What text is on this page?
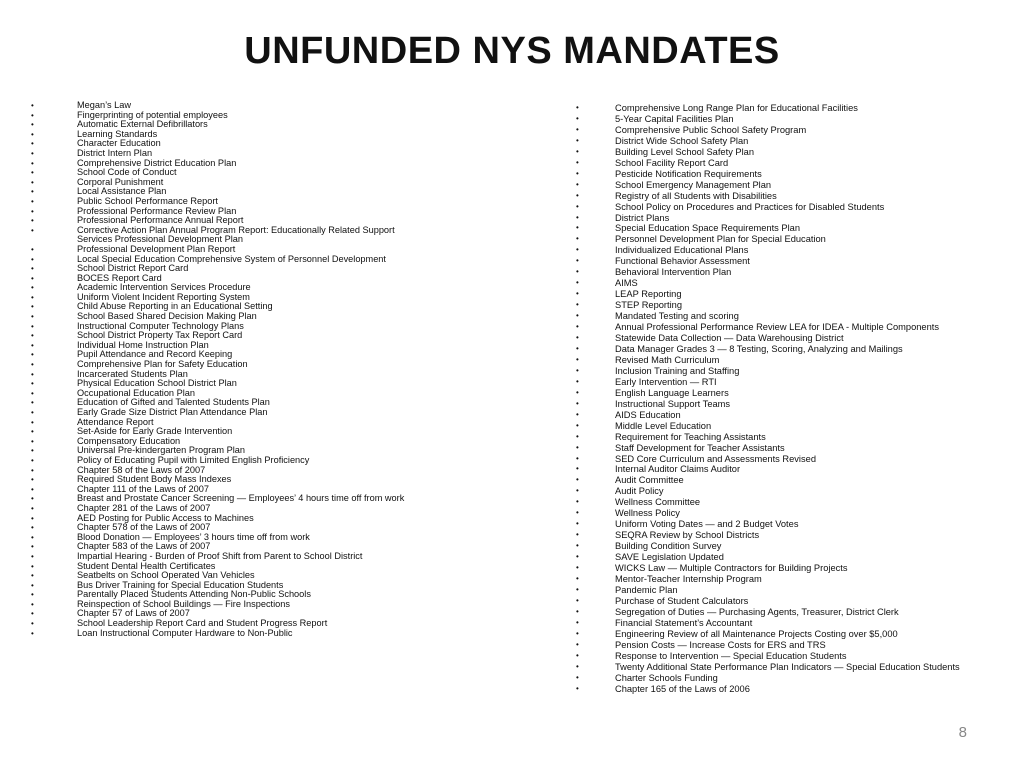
UNFUNDED NYS MANDATES
•	Megan’s Law
•	Fingerprinting of potential employees
•	Automatic External Defibrillators
•	Learning Standards
•	Character Education
•	District Intern Plan
•	Comprehensive District Education Plan
•	School Code of Conduct
•	Corporal Punishment
•	Local Assistance Plan
•	Public School Performance Report
•	Professional Performance Review Plan
•	Professional Performance Annual Report
•	Corrective Action Plan Annual Program Report: Educationally Related Support
Services Professional Development Plan
•	Professional Development Plan Report
•	Local Special Education Comprehensive System of Personnel Development
•	School District Report Card
•	BOCES Report Card
•	Academic Intervention Services Procedure
•	Uniform Violent Incident Reporting System
•	Child Abuse Reporting in an Educational Setting
•	School Based Shared Decision Making Plan
•	Instructional Computer Technology Plans
•	School District Property Tax Report Card
•	Individual Home Instruction Plan
•	Pupil Attendance and Record Keeping
•	Comprehensive Plan for Safety Education
•	Incarcerated Students Plan
•	Physical Education School District Plan
•	Occupational Education Plan
•	Education of Gifted and Talented Students Plan
•	Early Grade Size District Plan Attendance Plan
•	Attendance Report
•	Set-Aside for Early Grade Intervention
•	Compensatory Education
•	Universal Pre-kindergarten Program Plan
•	Policy of Educating Pupil with Limited English Proficiency
•	Chapter 58 of the Laws of 2007
•	Required Student Body Mass Indexes
•	Chapter 111 of the Laws of 2007
•	Breast and Prostate Cancer Screening — Employees’ 4 hours time off from work
•	Chapter 281 of the Laws of 2007
•	AED Posting for Public Access to Machines
•	Chapter 578 of the Laws of 2007
•	Blood Donation — Employees’ 3 hours time off from work
•	Chapter 583 of the Laws of 2007
•	Impartial Hearing - Burden of Proof Shift from Parent to School District
•	Student Dental Health Certificates
•	Seatbelts on School Operated Van Vehicles
•	Bus Driver Training for Special Education Students
•	Parentally Placed Students Attending Non-Public Schools
•	Reinspection of School Buildings — Fire Inspections
•	Chapter 57 of Laws of 2007
•	School Leadership Report Card and Student Progress Report
•	Loan Instructional Computer Hardware to Non-Public
•	Comprehensive Long Range Plan for Educational Facilities
•	5-Year Capital Facilities Plan
•	Comprehensive Public School Safety Program
•	District Wide School Safety Plan
•	Building Level School Safety Plan
•	School Facility Report Card
•	Pesticide Notification Requirements
•	School Emergency Management Plan
•	Registry of all Students with Disabilities
•	School Policy on Procedures and Practices for Disabled Students
•	District Plans
•	Special Education Space Requirements Plan
•	Personnel Development Plan for Special Education
•	Individualized Educational Plans
•	Functional Behavior Assessment
•	Behavioral Intervention Plan
•	AIMS
•	LEAP Reporting
•	STEP Reporting
•	Mandated Testing and scoring
•	Annual Professional Performance Review LEA for IDEA - Multiple Components
•	Statewide Data Collection — Data Warehousing District
•	Data Manager Grades 3 — 8 Testing, Scoring, Analyzing and Mailings
•	Revised Math Curriculum
•	Inclusion Training and Staffing
•	Early Intervention — RTI
•	English Language Learners
•	Instructional Support Teams
•	AIDS Education
•	Middle Level Education
•	Requirement for Teaching Assistants
•	Staff Development for Teacher Assistants
•	SED Core Curriculum and Assessments Revised
•	Internal Auditor Claims Auditor
•	Audit Committee
•	Audit Policy
•	Wellness Committee
•	Wellness Policy
•	Uniform Voting Dates — and 2 Budget Votes
•	SEQRA Review by School Districts
•	Building Condition Survey
•	SAVE Legislation Updated
•	WICKS Law — Multiple Contractors for Building Projects
•	Mentor-Teacher Internship Program
•	Pandemic Plan
•	Purchase of Student Calculators
•	Segregation of Duties — Purchasing Agents, Treasurer, District Clerk
•	Financial Statement’s Accountant
•	Engineering Review of all Maintenance Projects Costing over $5,000
•	Pension Costs — Increase Costs for ERS and TRS
•	Response to Intervention — Special Education Students
•	Twenty Additional State Performance Plan Indicators — Special Education Students
•	Charter Schools Funding
•	Chapter 165 of the Laws of 2006
8
